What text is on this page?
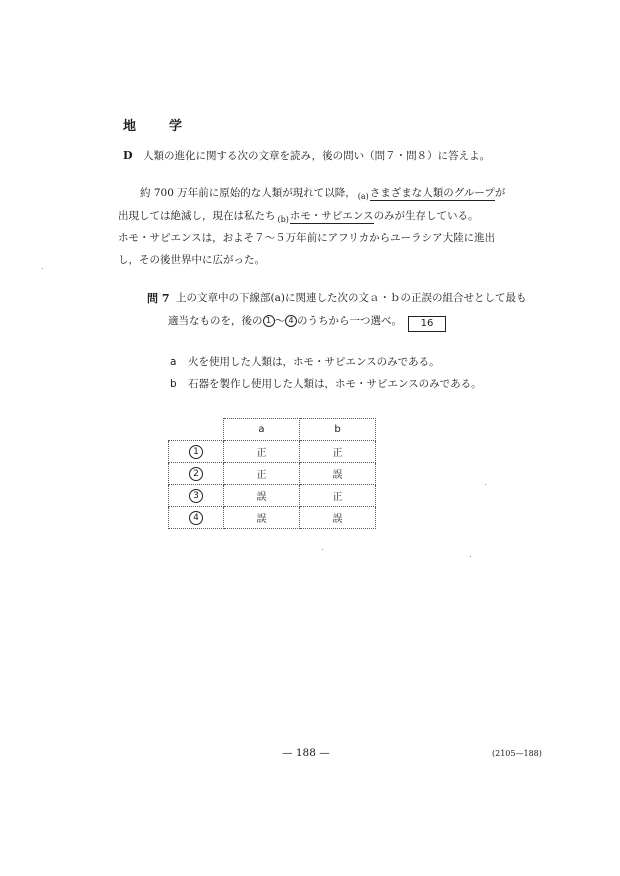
地　学
D 人類の進化に関する次の文章を読み，後の問い（問７・問８）に答えよ。
約 700 万年前に原始的な人類が現れて以降， $_{(a)}$さまざまな人類のグループが
出現しては絶滅し，現在は私たち $_{(b)}$ホモ・サピエンスのみが生存している。
ホモ・サピエンスは，およそ７～５万年前にアフリカからユーラシア大陸に進出
し，その後世界中に広がった。
問 7 上の文章中の下線部(a)に関連した次の文ａ・ｂの正誤の組合せとして最も
適当なものを，後の 1 ～ 4 のうちから一つ選べ。 16
a 火を使用した人類は，ホモ・サピエンスのみである。
b 石器を製作し使用した人類は，ホモ・サピエンスのみである。
	a	b
1	正	正
2	正	誤
3	誤	正
4	誤	誤
— 188 —	(2105—188)
